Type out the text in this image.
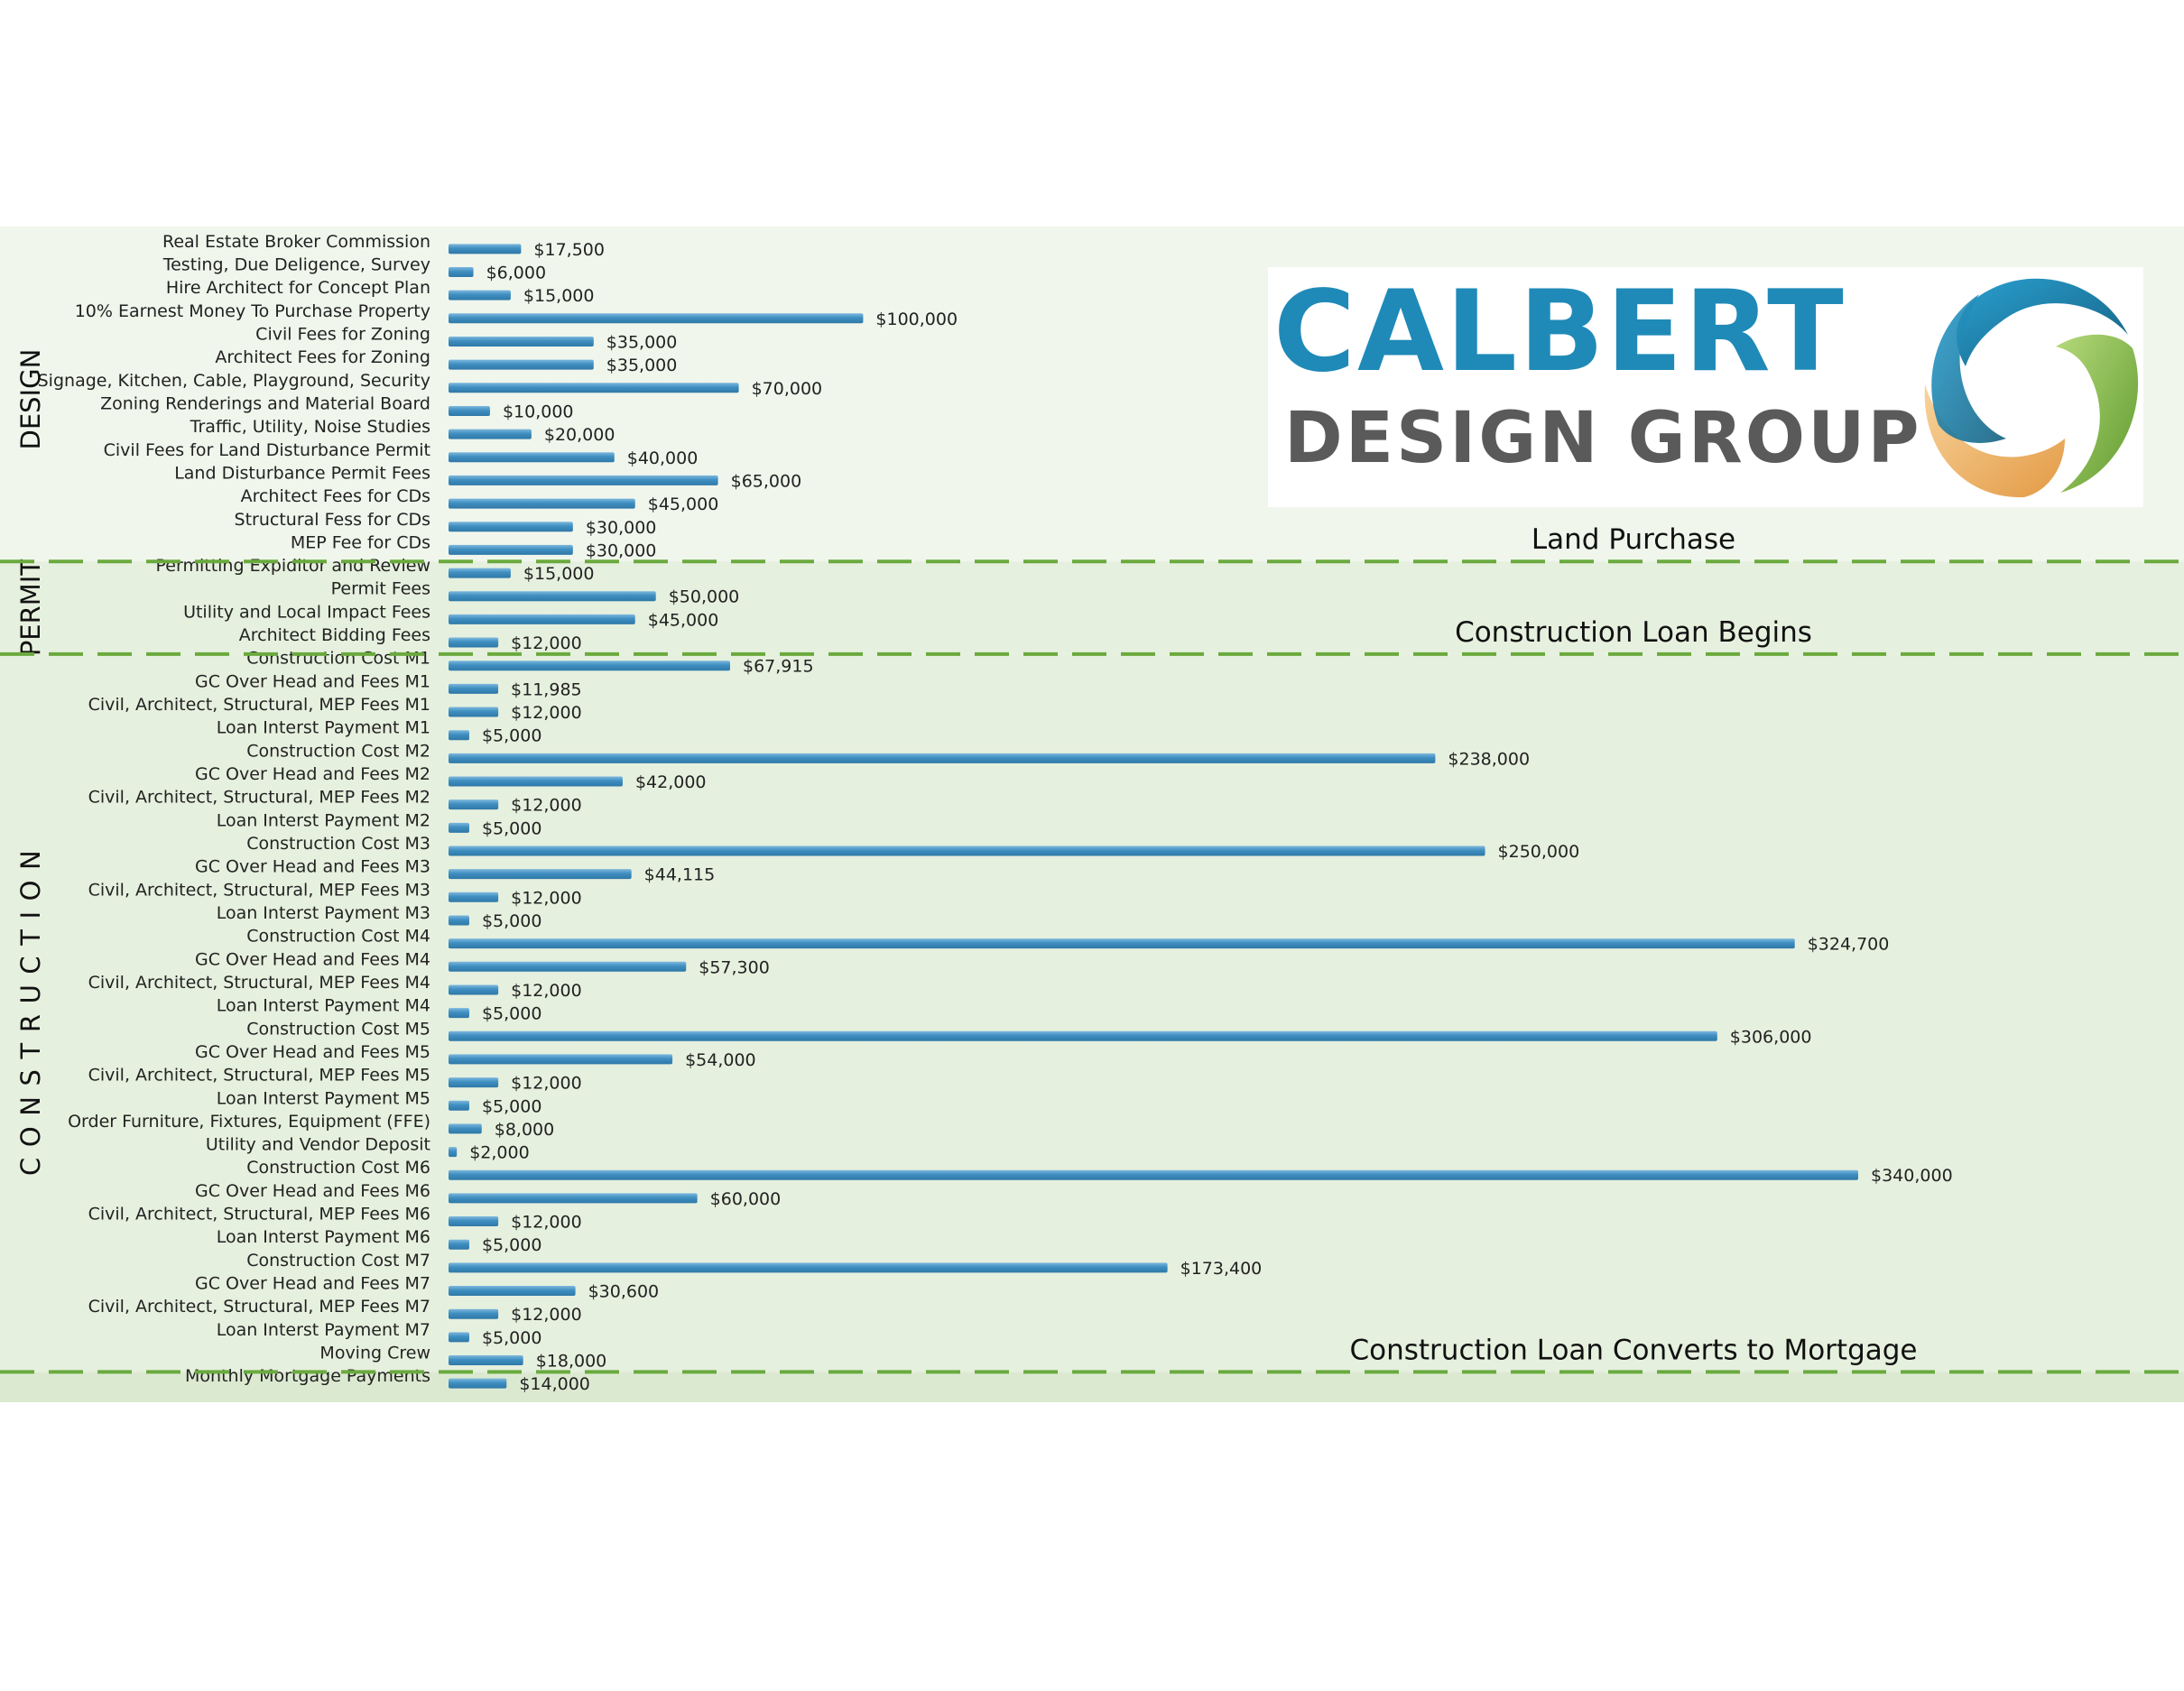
Real Estate Broker Commission
Testing, Due Deligence, Survey
Hire Architect for Concept Plan
10% Earnest Money To Purchase Property
Civil Fees for Zoning
Architect Fees for Zoning
Signage, Kitchen, Cable, Playground, Security
Zoning Renderings and Material Board
Traffic, Utility, Noise Studies
Civil Fees for Land Disturbance Permit
Land Disturbance Permit Fees
Architect Fees for CDs
Structural Fess for CDs
MEP Fee for CDs
Permitting Expiditor and Review
Permit Fees
Utility and Local Impact Fees
Architect Bidding Fees
Construction Cost M1
GC Over Head and Fees M1
Civil, Architect, Structural, MEP Fees M1
Loan Interst Payment M1
Construction Cost M2
GC Over Head and Fees M2
Civil, Architect, Structural, MEP Fees M2
Loan Interst Payment M2
Construction Cost M3
GC Over Head and Fees M3
Civil, Architect, Structural, MEP Fees M3
Loan Interst Payment M3
Construction Cost M4
GC Over Head and Fees M4
Civil, Architect, Structural, MEP Fees M4
Loan Interst Payment M4
Construction Cost M5
GC Over Head and Fees M5
Civil, Architect, Structural, MEP Fees M5
Loan Interst Payment M5
Order Furniture, Fixtures, Equipment (FFE)
Utility and Vendor Deposit
Construction Cost M6
GC Over Head and Fees M6
Civil, Architect, Structural, MEP Fees M6
Loan Interst Payment M6
Construction Cost M7
GC Over Head and Fees M7
Civil, Architect, Structural, MEP Fees M7
Loan Interst Payment M7
Moving Crew
Monthly Mortgage Payments
$17,500
$6,000
$15,000
$100,000
$35,000
$35,000
$70,000
$10,000
$20,000
$40,000
$65,000
$45,000
$30,000
$30,000
$15,000
$50,000
$45,000
$12,000
$67,915
$11,985
$12,000
$5,000
$238,000
$42,000
$12,000
$5,000
$250,000
$44,115
$12,000
$5,000
$324,700
$57,300
$12,000
$5,000
$306,000
$54,000
$12,000
$5,000
$8,000
$2,000
$340,000
$60,000
$12,000
$5,000
$173,400
$30,600
$12,000
$5,000
$18,000
$14,000
DESIGN
PERMIT
C  O  N  S  T  R  U  C  T  I  O  N
Land Purchase
Construction Loan Begins
Construction Loan Converts to Mortgage
CALBERT
DESIGN GROUP
